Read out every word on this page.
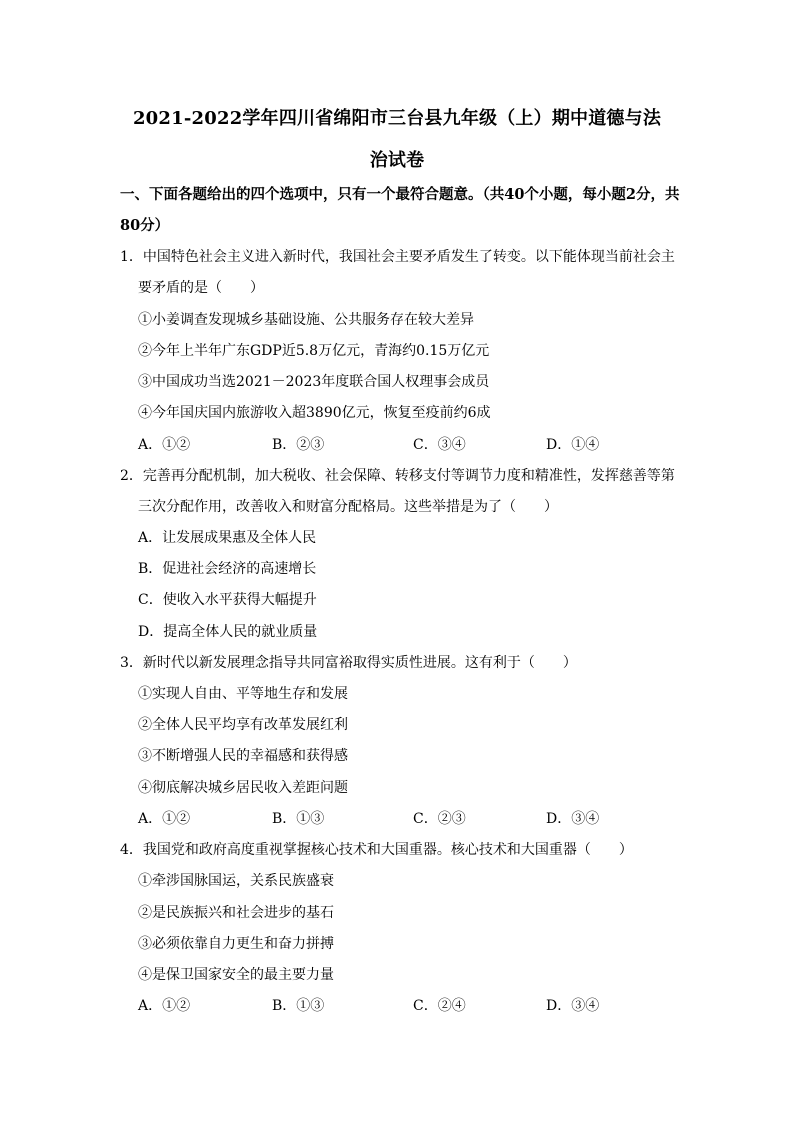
2021-2022学年四川省绵阳市三台县九年级（上）期中道德与法
治试卷
一、下面各题给出的四个选项中，只有一个最符合题意。（共40个小题，每小题2分，共
80分）
1．中国特色社会主义进入新时代，我国社会主要矛盾发生了转变。以下能体现当前社会主
要矛盾的是（　　）
①小姜调查发现城乡基础设施、公共服务存在较大差异
②今年上半年广东GDP近5.8万亿元，青海约0.15万亿元
③中国成功当选2021－2023年度联合国人权理事会成员
④今年国庆国内旅游收入超3890亿元，恢复至疫前约6成
A．①②	B．②③	C．③④	D．①④
2．完善再分配机制，加大税收、社会保障、转移支付等调节力度和精准性，发挥慈善等第
三次分配作用，改善收入和财富分配格局。这些举措是为了（　　）
A．让发展成果惠及全体人民
B．促进社会经济的高速增长
C．使收入水平获得大幅提升
D．提高全体人民的就业质量
3．新时代以新发展理念指导共同富裕取得实质性进展。这有利于（　　）
①实现人自由、平等地生存和发展
②全体人民平均享有改革发展红利
③不断增强人民的幸福感和获得感
④彻底解决城乡居民收入差距问题
A．①②	B．①③	C．②③	D．③④
4．我国党和政府高度重视掌握核心技术和大国重器。核心技术和大国重器（　　）
①牵涉国脉国运，关系民族盛衰
②是民族振兴和社会进步的基石
③必须依靠自力更生和奋力拼搏
④是保卫国家安全的最主要力量
A．①②	B．①③	C．②④	D．③④
